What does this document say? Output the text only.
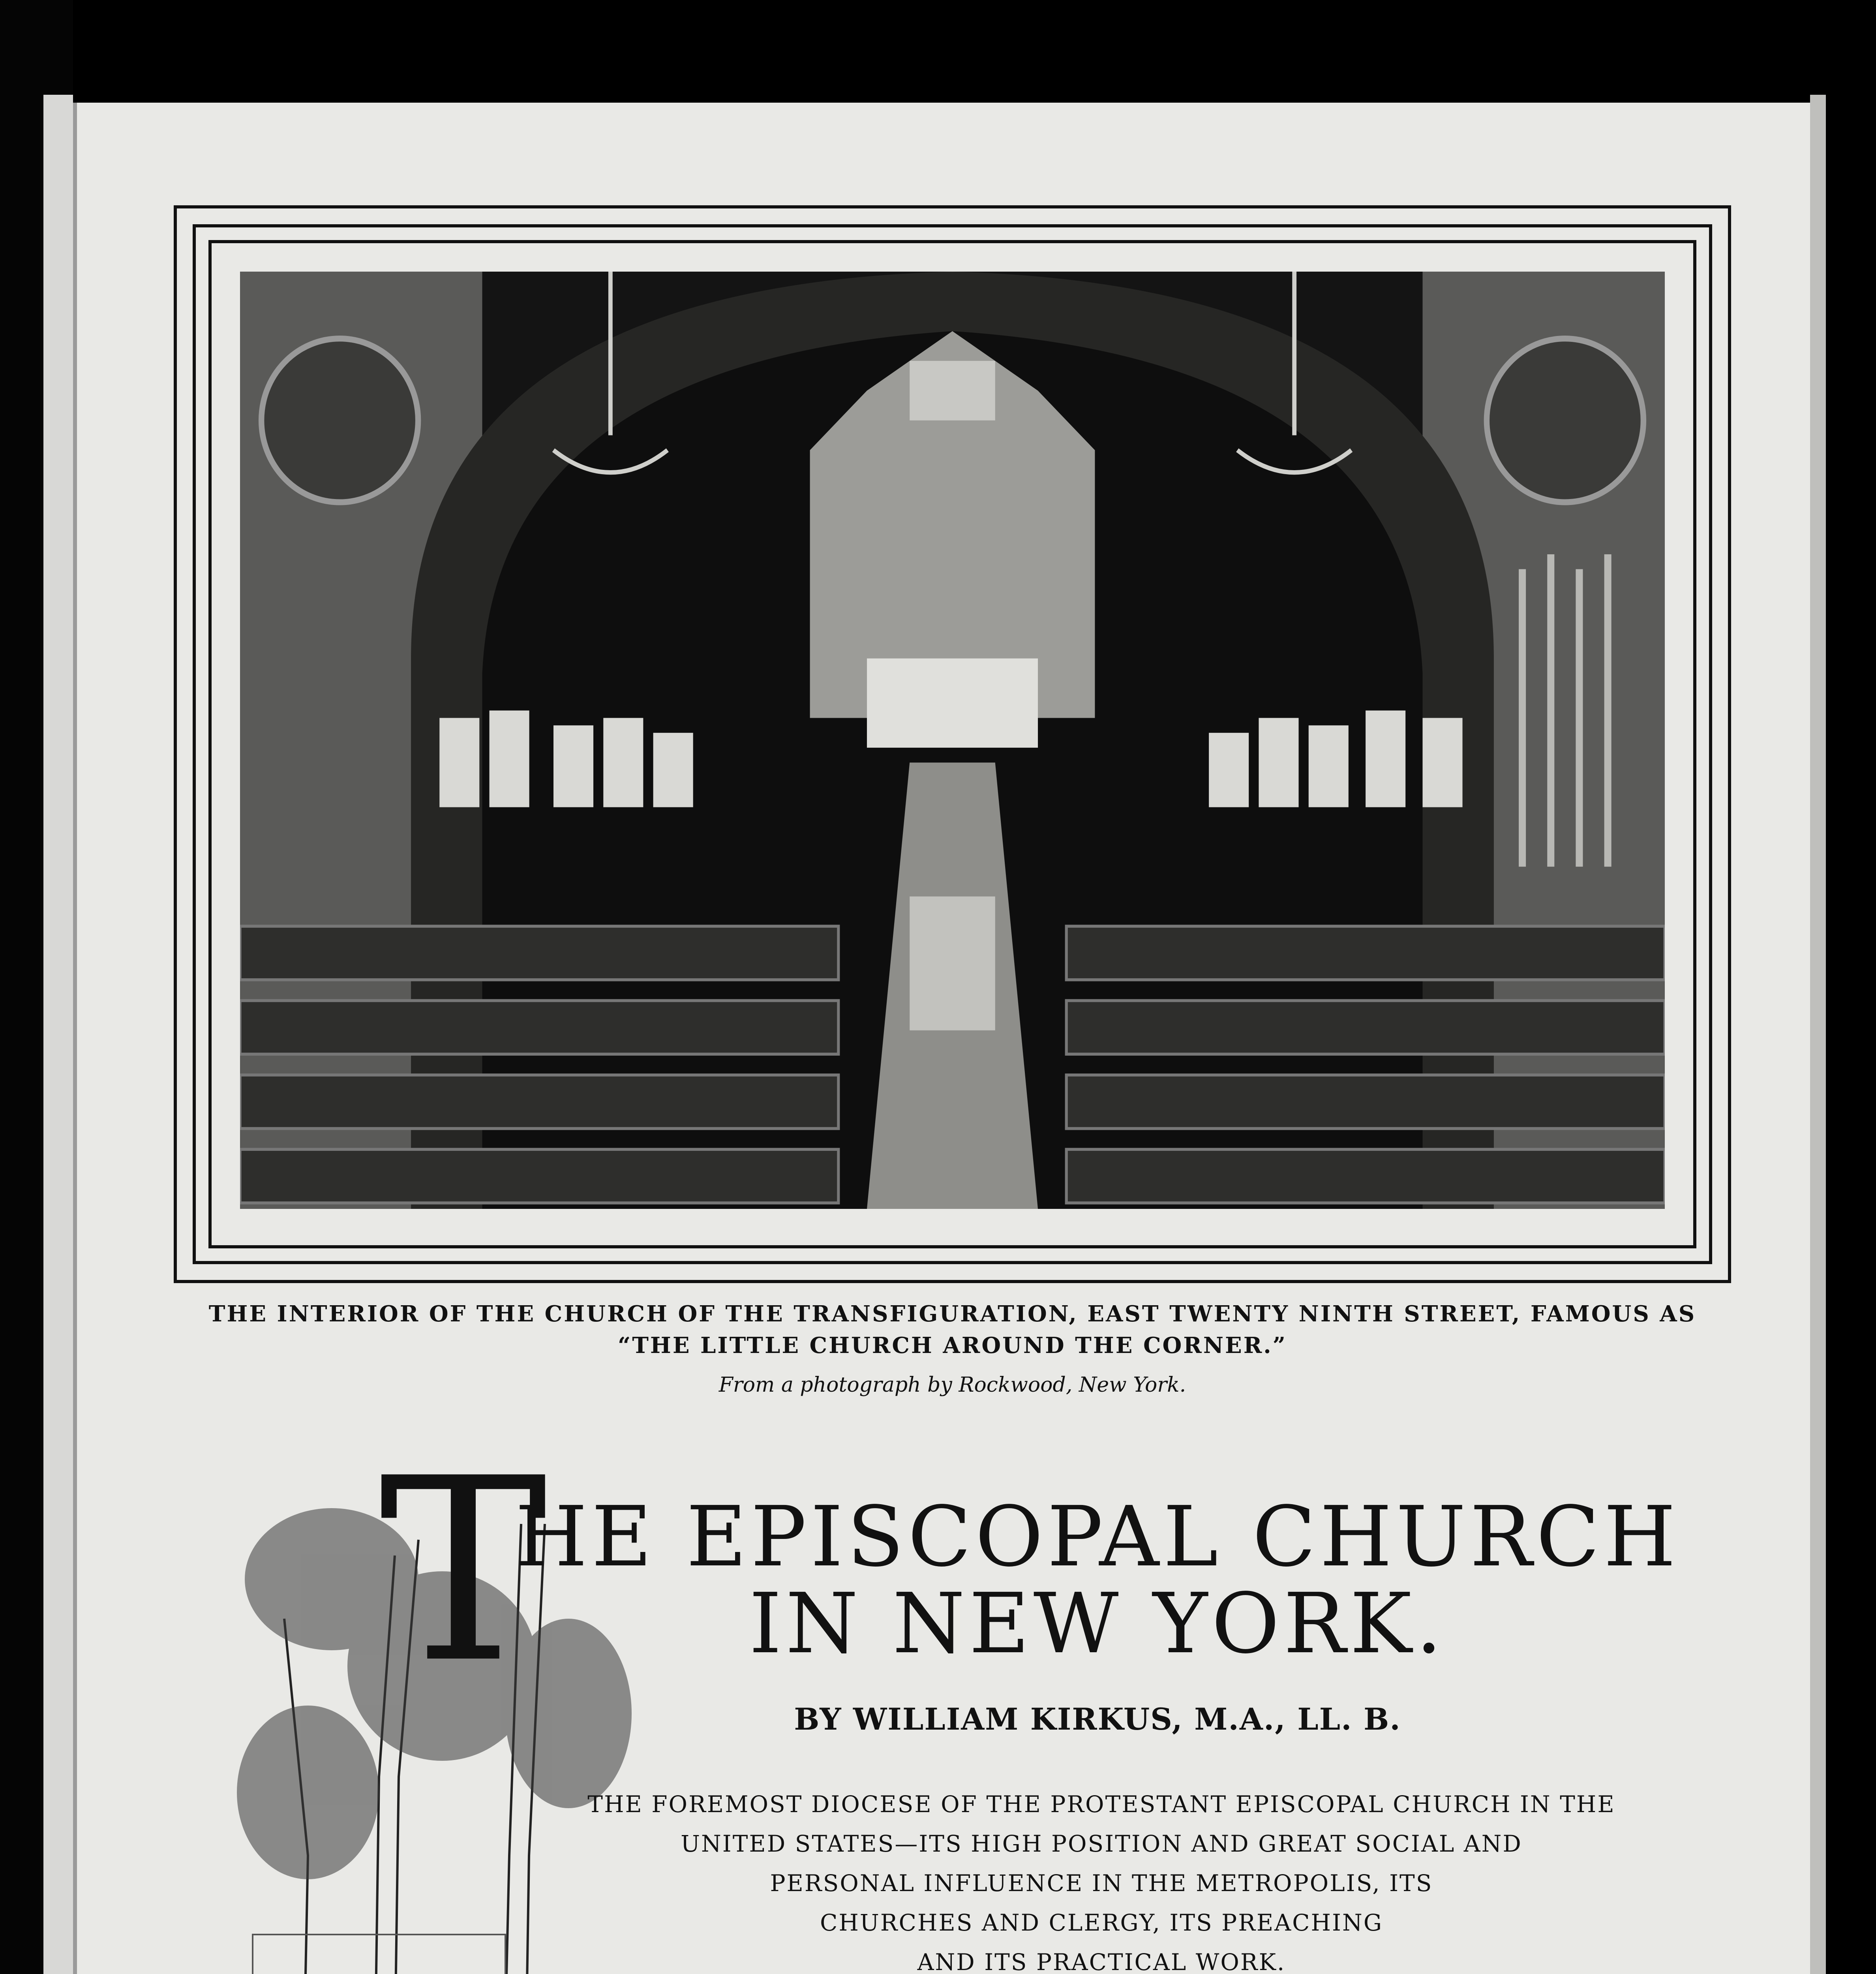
THE INTERIOR OF THE CHURCH OF THE TRANSFIGURATION, EAST TWENTY NINTH STREET, FAMOUS AS
“THE LITTLE CHURCH AROUND THE CORNER.”
From a photograph by Rockwood, New York.
T
HE EPISCOPAL CHURCH
IN NEW YORK.
BY WILLIAM KIRKUS, M.A., LL. B.
THE FOREMOST DIOCESE OF THE PROTESTANT EPISCOPAL CHURCH IN THE
UNITED STATES—ITS HIGH POSITION AND GREAT SOCIAL AND
PERSONAL INFLUENCE IN THE METROPOLIS, ITS
CHURCHES AND CLERGY, ITS PREACHING
AND ITS PRACTICAL WORK.
